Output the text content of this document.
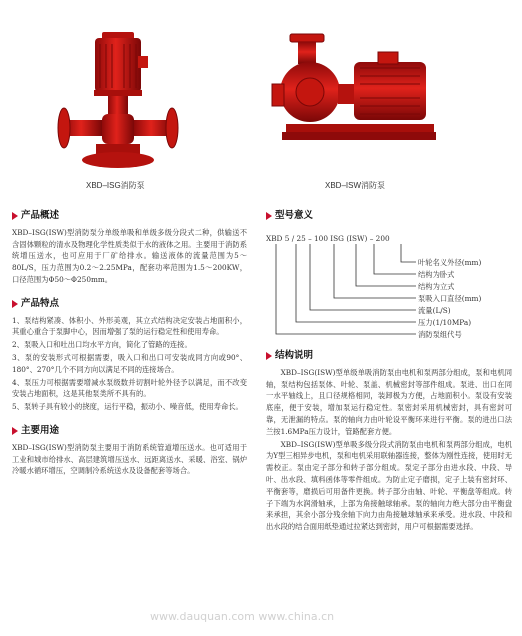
XBD–ISG消防泵	XBD–ISW消防泵
产品概述

XBD–ISG(ISW)型消防泵分单级单吸和单级多级分段式二种，供输送不含固体颗粒的清水及物理化学性质类似于水的液体之用。主要用于消防系统增压送水，也可应用于厂矿给排水。输送液体的流量范围为5～80L/S，压力范围为0.2～2.25MPa，配套功率范围为1.5～200KW，口径范围为Φ50～Φ250mm。

产品特点

1、泵结构紧凑、体积小、外形美观，其立式结构决定安装占地面积小，其重心重合于泵脚中心，因而增强了泵的运行稳定性和使用寿命。

2、泵吸入口和吐出口均水平方向，简化了管路的连接。

3、泵的安装形式可根据需要，吸入口和出口可安装成同方向或90°、180°、270°几个不同方向以满足不同的连接场合。

4、泵压力可根据需要增减水泵级数并切割叶轮外径予以满足，而不改变安装占地面积，这是其他泵类所不具有的。

5、泵转子具有较小的挠度，运行平稳，振动小、噪音低，使用寿命长。

主要用途

XBD–ISG(ISW)型消防泵主要用于消防系统管道增压送水。也可适用于工业和城市给排水、高层建筑增压送水、远距离送水、采暖、浴室、锅炉冷暖水循环增压，空调制冷系统送水及设备配套等场合。

型号意义
XBD 5 / 25 – 100 ISG (ISW) – 200
叶轮名义外径(mm)
结构为卧式
结构为立式
泵吸入口直径(mm)
流量(L/S)
压力(1/10MPa)
消防泵组代号
结构说明

XBD–ISG(ISW)型单级单吸消防泵由电机和泵两部分组成，泵和电机同轴，泵结构包括泵体、叶轮、泵盖、机械密封等部件组成。泵进、出口在同一水平轴线上，且口径规格相同，装卸极为方便，占地面积小。泵设有安装底座，便于安装，增加泵运行稳定性。泵密封采用机械密封，具有密封可靠，无泄漏的特点。泵的轴向力由叶轮设平衡环来进行平衡。泵的进出口法兰按1.6MPa压力设计，管路配套方便。

XBD–ISG(ISW)型单吸多级分段式消防泵由电机和泵两部分组成，电机为Y型三相异步电机，泵和电机采用联轴器连接，整体为刚性连接，使用时无需校正。泵由定子部分和转子部分组成。泵定子部分由进水段、中段、导叶、出水段、填料函体等零件组成。为防止定子磨损，定子上装有密封环、平衡套等，磨损后可用备件更换。转子部分由轴、叶轮、平衡盘等组成。转子下端为水润滑轴承，上部为角接触球轴承。泵的轴向力绝大部分由平衡盘来承担，其余小部分残余轴下向力由角接触球轴承来承受。进水段、中段和出水段的结合面用纸垫通过拉紧达到密封，用户可根据需要选择。

www.dauquan.com www.china.cn
